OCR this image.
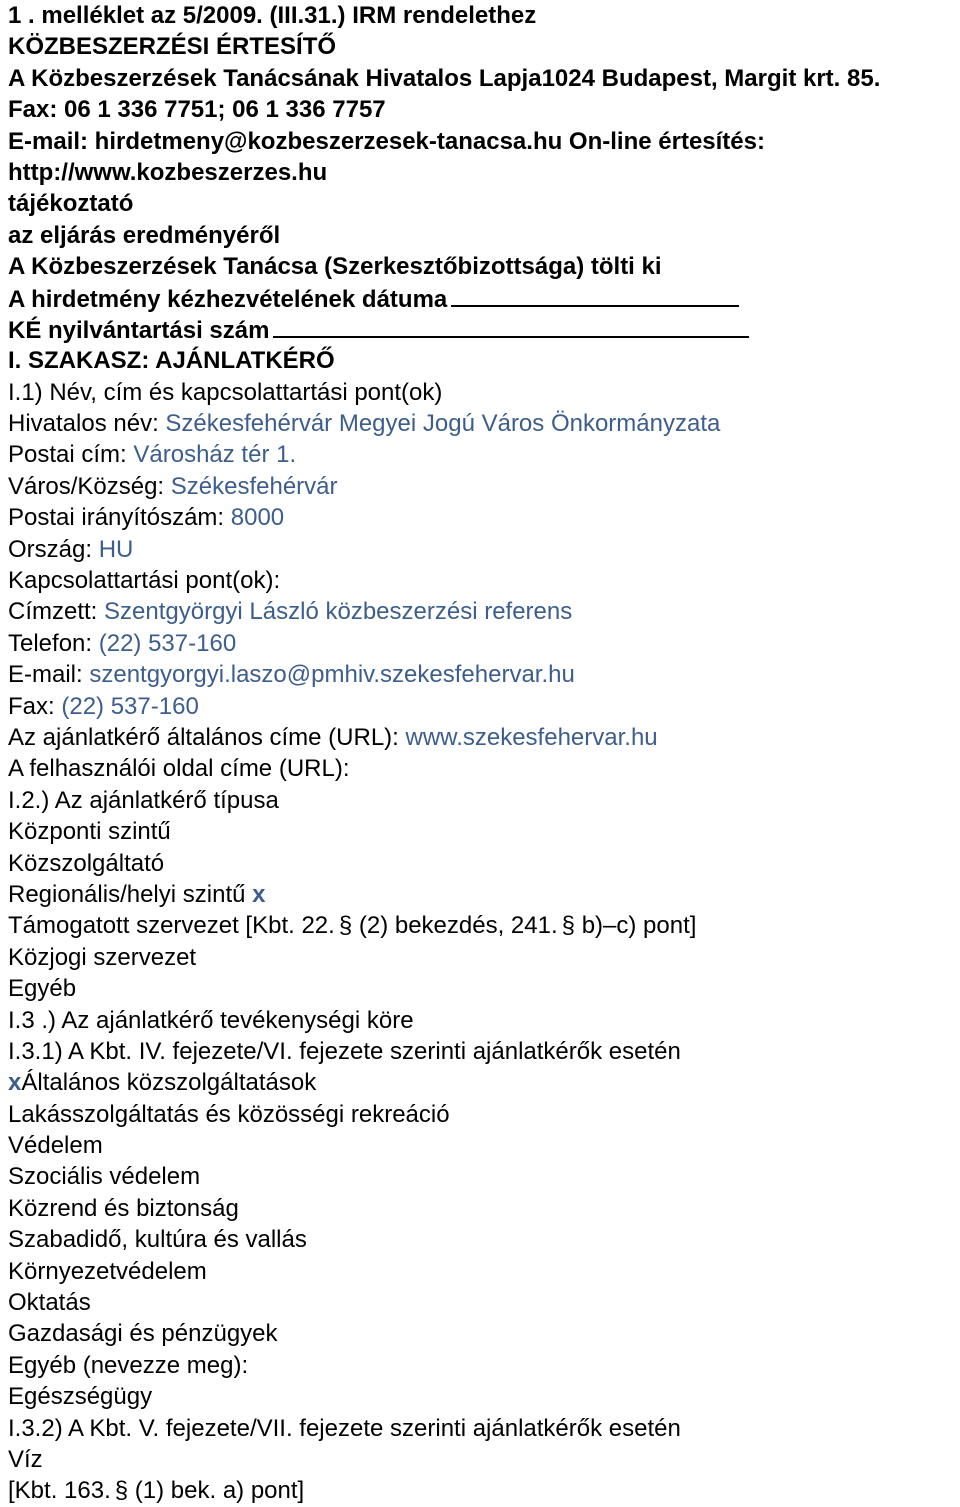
1 . melléklet az 5/2009. (III.31.) IRM rendelethez
KÖZBESZERZÉSI ÉRTESÍTŐ
A Közbeszerzések Tanácsának Hivatalos Lapja1024 Budapest, Margit krt. 85.
Fax: 06 1 336 7751; 06 1 336 7757
E-mail: hirdetmeny@kozbeszerzesek-tanacsa.hu On-line értesítés:
http://www.kozbeszerzes.hu
tájékoztató
az eljárás eredményéről
A Közbeszerzések Tanácsa (Szerkesztőbizottsága) tölti ki
A hirdetmény kézhezvételének dátuma
KÉ nyilvántartási szám
I. SZAKASZ: AJÁNLATKÉRŐ
I.1) Név, cím és kapcsolattartási pont(ok)
Hivatalos név: Székesfehérvár Megyei Jogú Város Önkormányzata
Postai cím: Városház tér 1.
Város/Község: Székesfehérvár
Postai irányítószám: 8000
Ország: HU
Kapcsolattartási pont(ok):
Címzett: Szentgyörgyi László közbeszerzési referens
Telefon: (22) 537-160
E-mail: szentgyorgyi.laszo@pmhiv.szekesfehervar.hu
Fax: (22) 537-160
Az ajánlatkérő általános címe (URL): www.szekesfehervar.hu
A felhasználói oldal címe (URL):
I.2.) Az ajánlatkérő típusa
Központi szintű
Közszolgáltató
Regionális/helyi szintű x
Támogatott szervezet [Kbt. 22. § (2) bekezdés, 241. § b)–c) pont]
Közjogi szervezet
Egyéb
I.3 .) Az ajánlatkérő tevékenységi köre
I.3.1) A Kbt. IV. fejezete/VI. fejezete szerinti ajánlatkérők esetén
xÁltalános közszolgáltatások
Lakásszolgáltatás és közösségi rekreáció
Védelem
Szociális védelem
Közrend és biztonság
Szabadidő, kultúra és vallás
Környezetvédelem
Oktatás
Gazdasági és pénzügyek
Egyéb (nevezze meg):
Egészségügy
I.3.2) A Kbt. V. fejezete/VII. fejezete szerinti ajánlatkérők esetén
Víz
[Kbt. 163. § (1) bek. a) pont]
